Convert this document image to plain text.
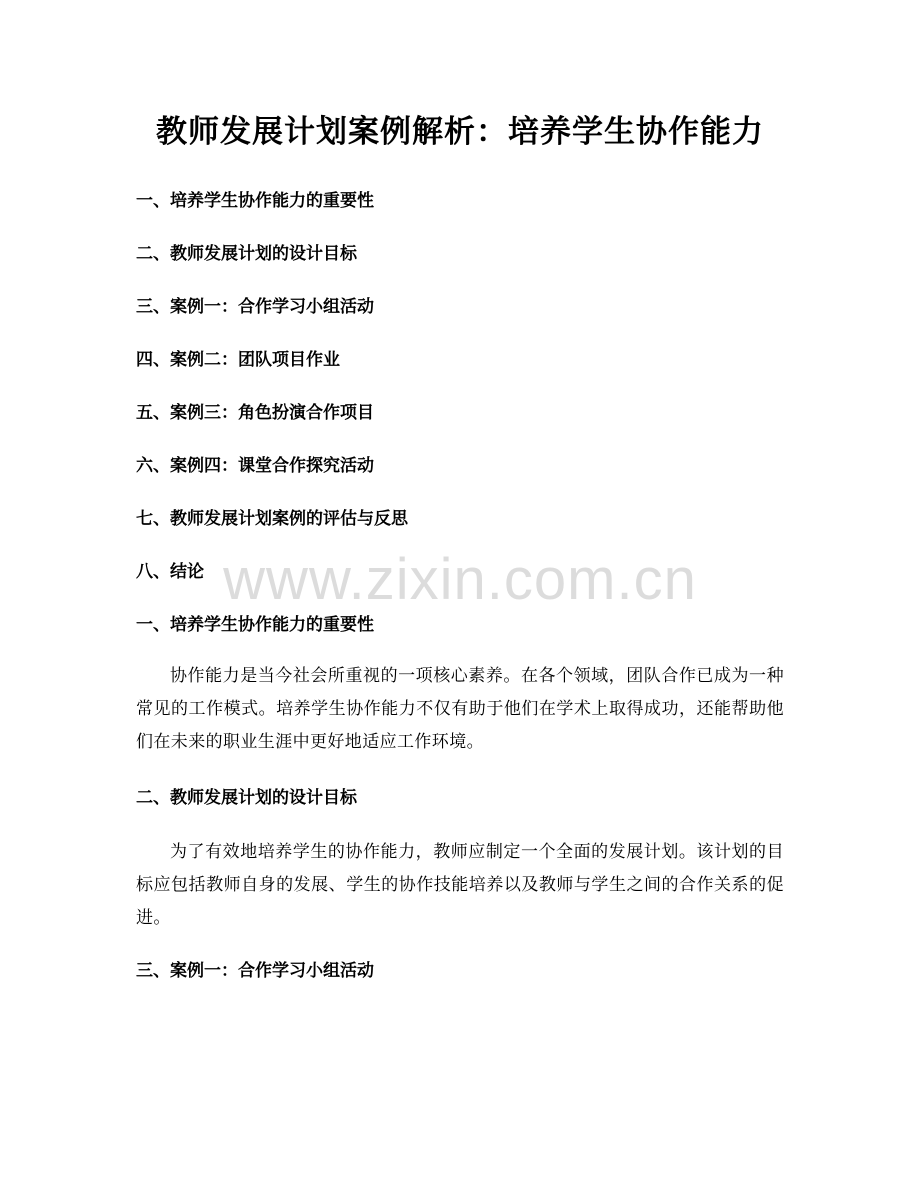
教师发展计划案例解析：培养学生协作能力

一、培养学生协作能力的重要性

二、教师发展计划的设计目标

三、案例一：合作学习小组活动

四、案例二：团队项目作业

五、案例三：角色扮演合作项目

六、案例四：课堂合作探究活动

七、教师发展计划案例的评估与反思

八、结论

一、培养学生协作能力的重要性

协作能力是当今社会所重视的一项核心素养。在各个领域，团队合作已成为一种常见的工作模式。培养学生协作能力不仅有助于他们在学术上取得成功，还能帮助他们在未来的职业生涯中更好地适应工作环境。

二、教师发展计划的设计目标

为了有效地培养学生的协作能力，教师应制定一个全面的发展计划。该计划的目标应包括教师自身的发展、学生的协作技能培养以及教师与学生之间的合作关系的促进。

三、案例一：合作学习小组活动
www.zixin.com.cn
